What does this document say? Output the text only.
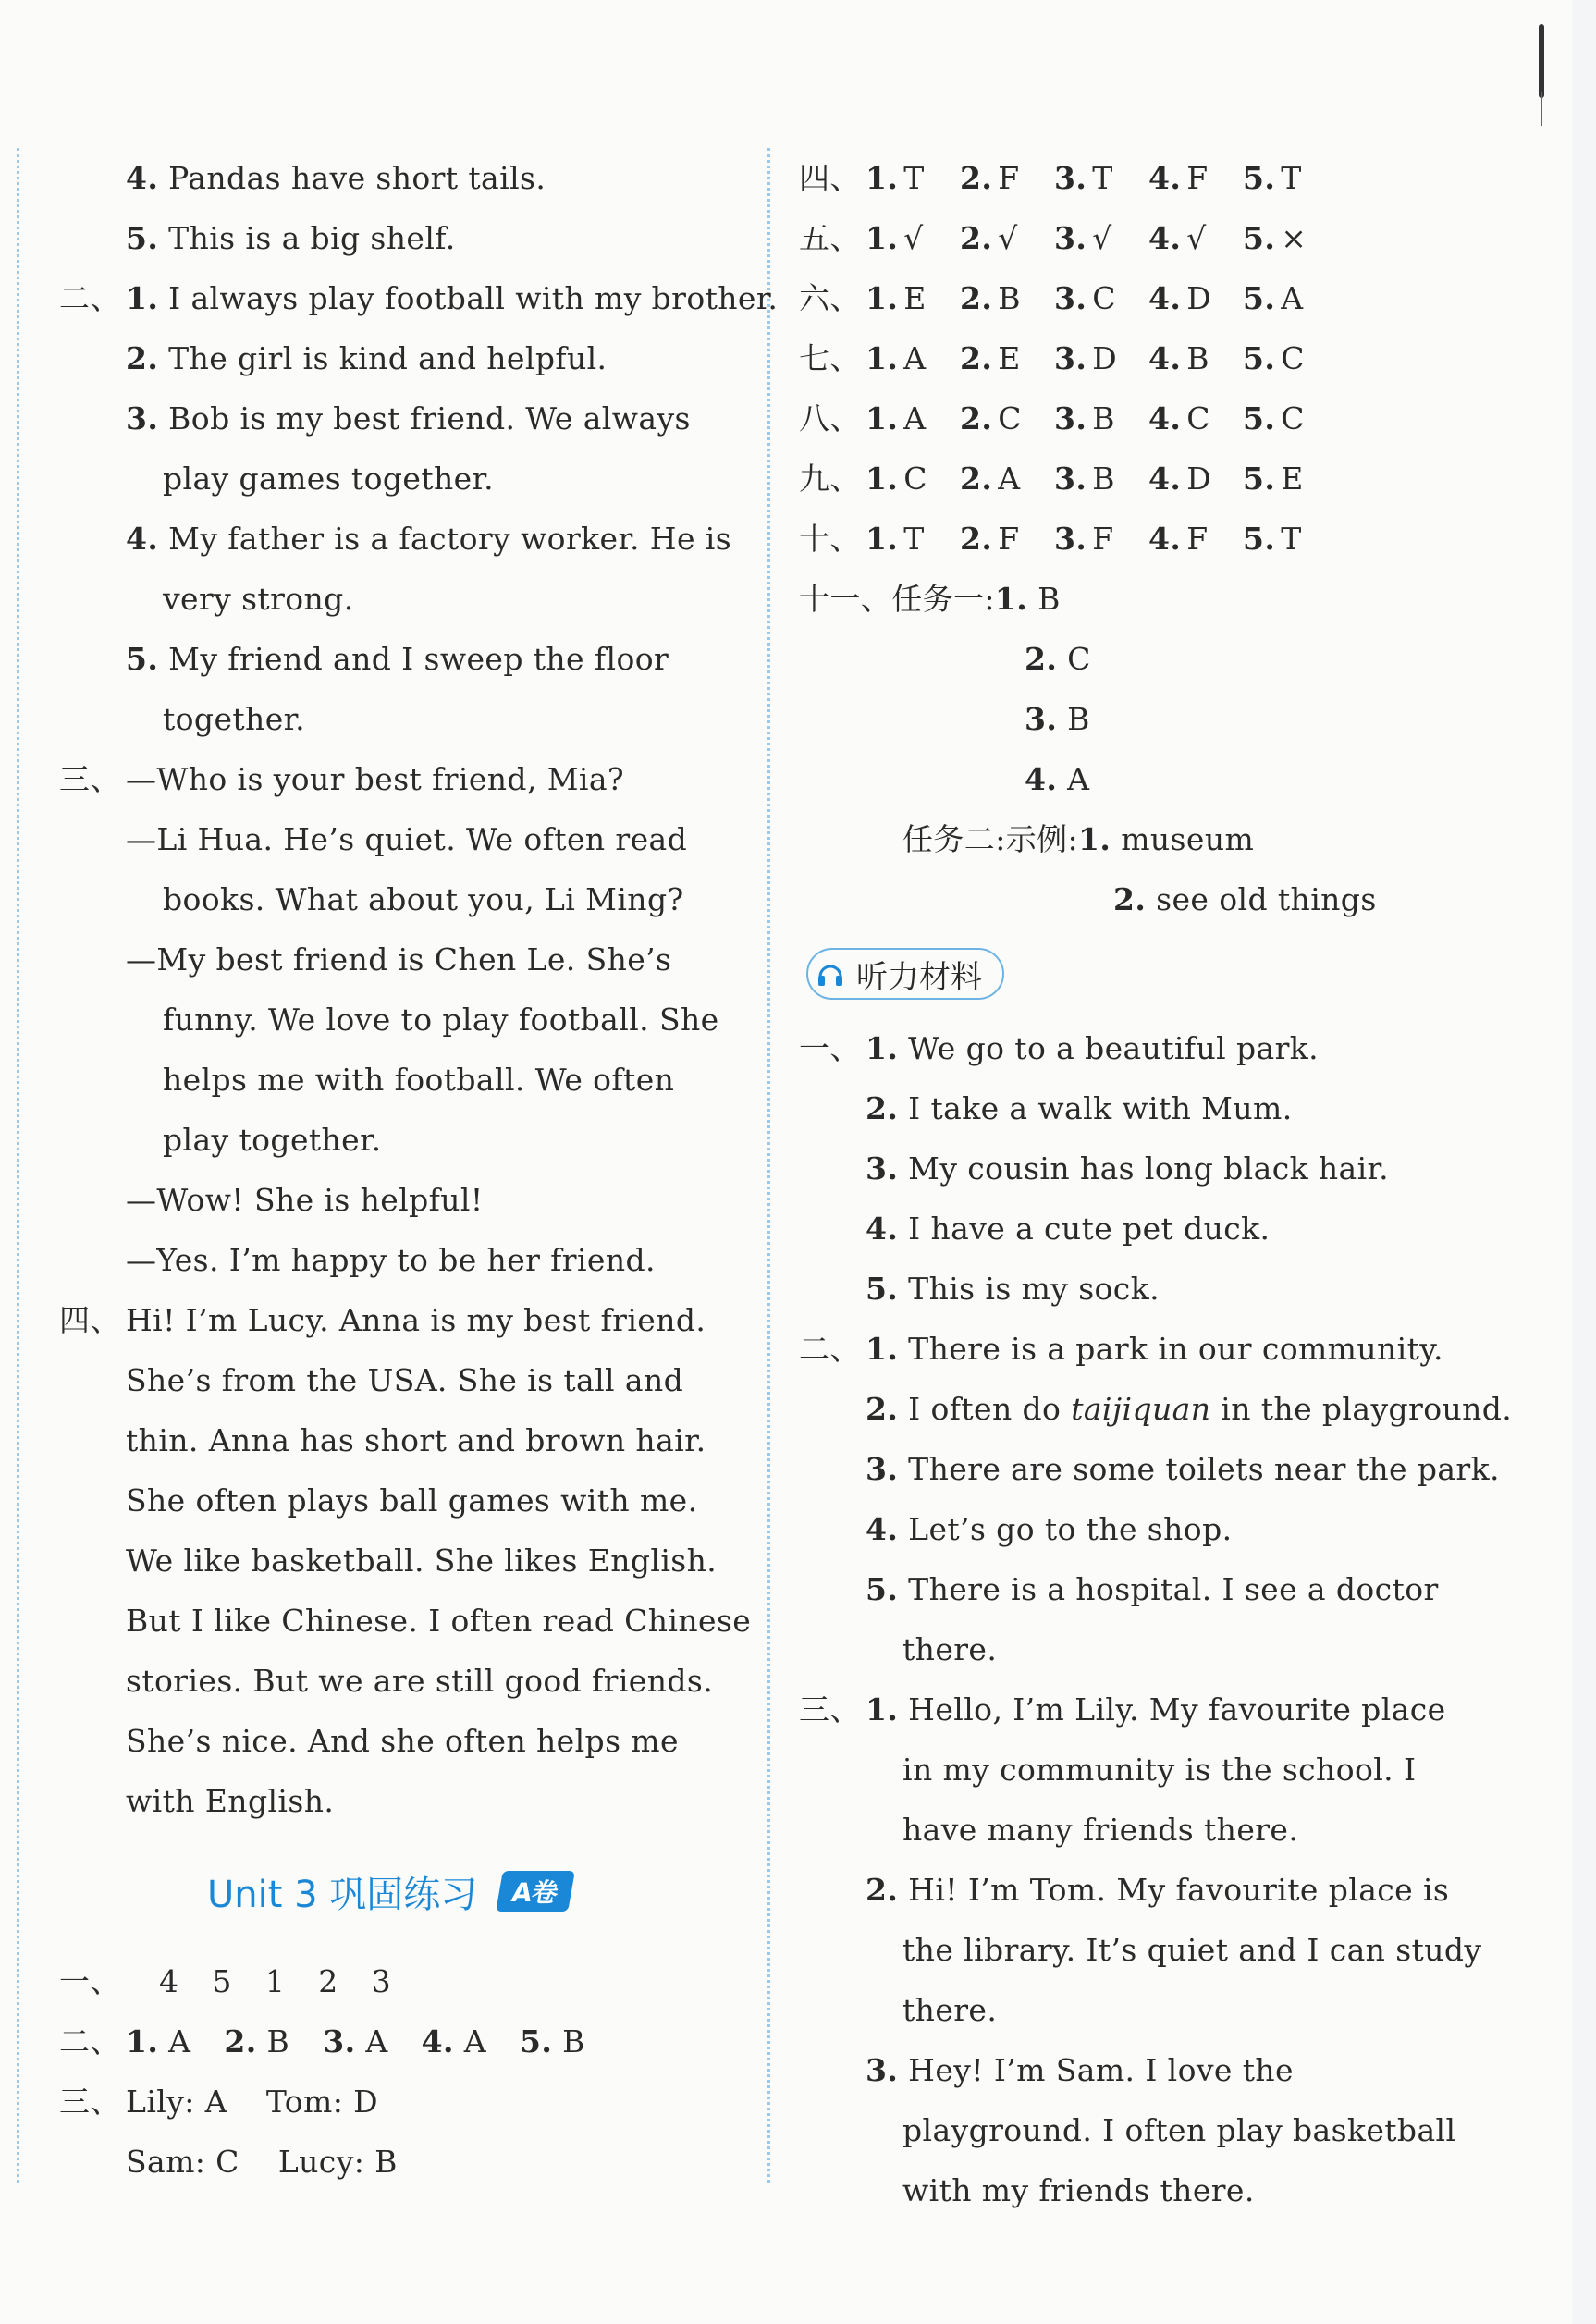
4. Pandas have short tails.
5. This is a big shelf.
二、 1. I always play football with my brother.
2. The girl is kind and helpful.
3. Bob is my best friend. We always
play games together.
4. My father is a factory worker. He is
very strong.
5. My friend and I sweep the floor
together.
三、 —Who is your best friend, Mia?
—Li Hua. He’s quiet. We often read
books. What about you, Li Ming?
—My best friend is Chen Le. She’s
funny. We love to play football. She
helps me with football. We often
play together.
—Wow! She is helpful!
—Yes. I’m happy to be her friend.
四、 Hi! I’m Lucy. Anna is my best friend.
She’s from the USA. She is tall and
thin. Anna has short and brown hair.
She often plays ball games with me.
We like basketball. She likes English.
But I like Chinese. I often read Chinese
stories. But we are still good friends.
She’s nice. And she often helps me
with English.
Unit 3 巩固练习	A卷
一、 4 5 1 2 3
二、 1. A 2. B 3. A 4. A 5. B
三、 Lily: A Tom: D
Sam: C Lucy: B
四、 1. T 2. F 3. T 4. F 5. T
五、 1. √ 2. √ 3. √ 4. √ 5. ×
六、 1. E 2. B 3. C 4. D 5. A
七、 1. A 2. E 3. D 4. B 5. C
八、 1. A 2. C 3. B 4. C 5. C
九、 1. C 2. A 3. B 4. D 5. E
十、 1. T 2. F 3. F 4. F 5. T
十一、任务一:1. B
2. C
3. B
4. A
任务二:示例:1. museum
2. see old things
听力材料
一、 1. We go to a beautiful park.
2. I take a walk with Mum.
3. My cousin has long black hair.
4. I have a cute pet duck.
5. This is my sock.
二、 1. There is a park in our community.
2. I often do taijiquan in the playground.
3. There are some toilets near the park.
4. Let’s go to the shop.
5. There is a hospital. I see a doctor
there.
三、 1. Hello, I’m Lily. My favourite place
in my community is the school. I
have many friends there.
2. Hi! I’m Tom. My favourite place is
the library. It’s quiet and I can study
there.
3. Hey! I’m Sam. I love the
playground. I often play basketball
with my friends there.
